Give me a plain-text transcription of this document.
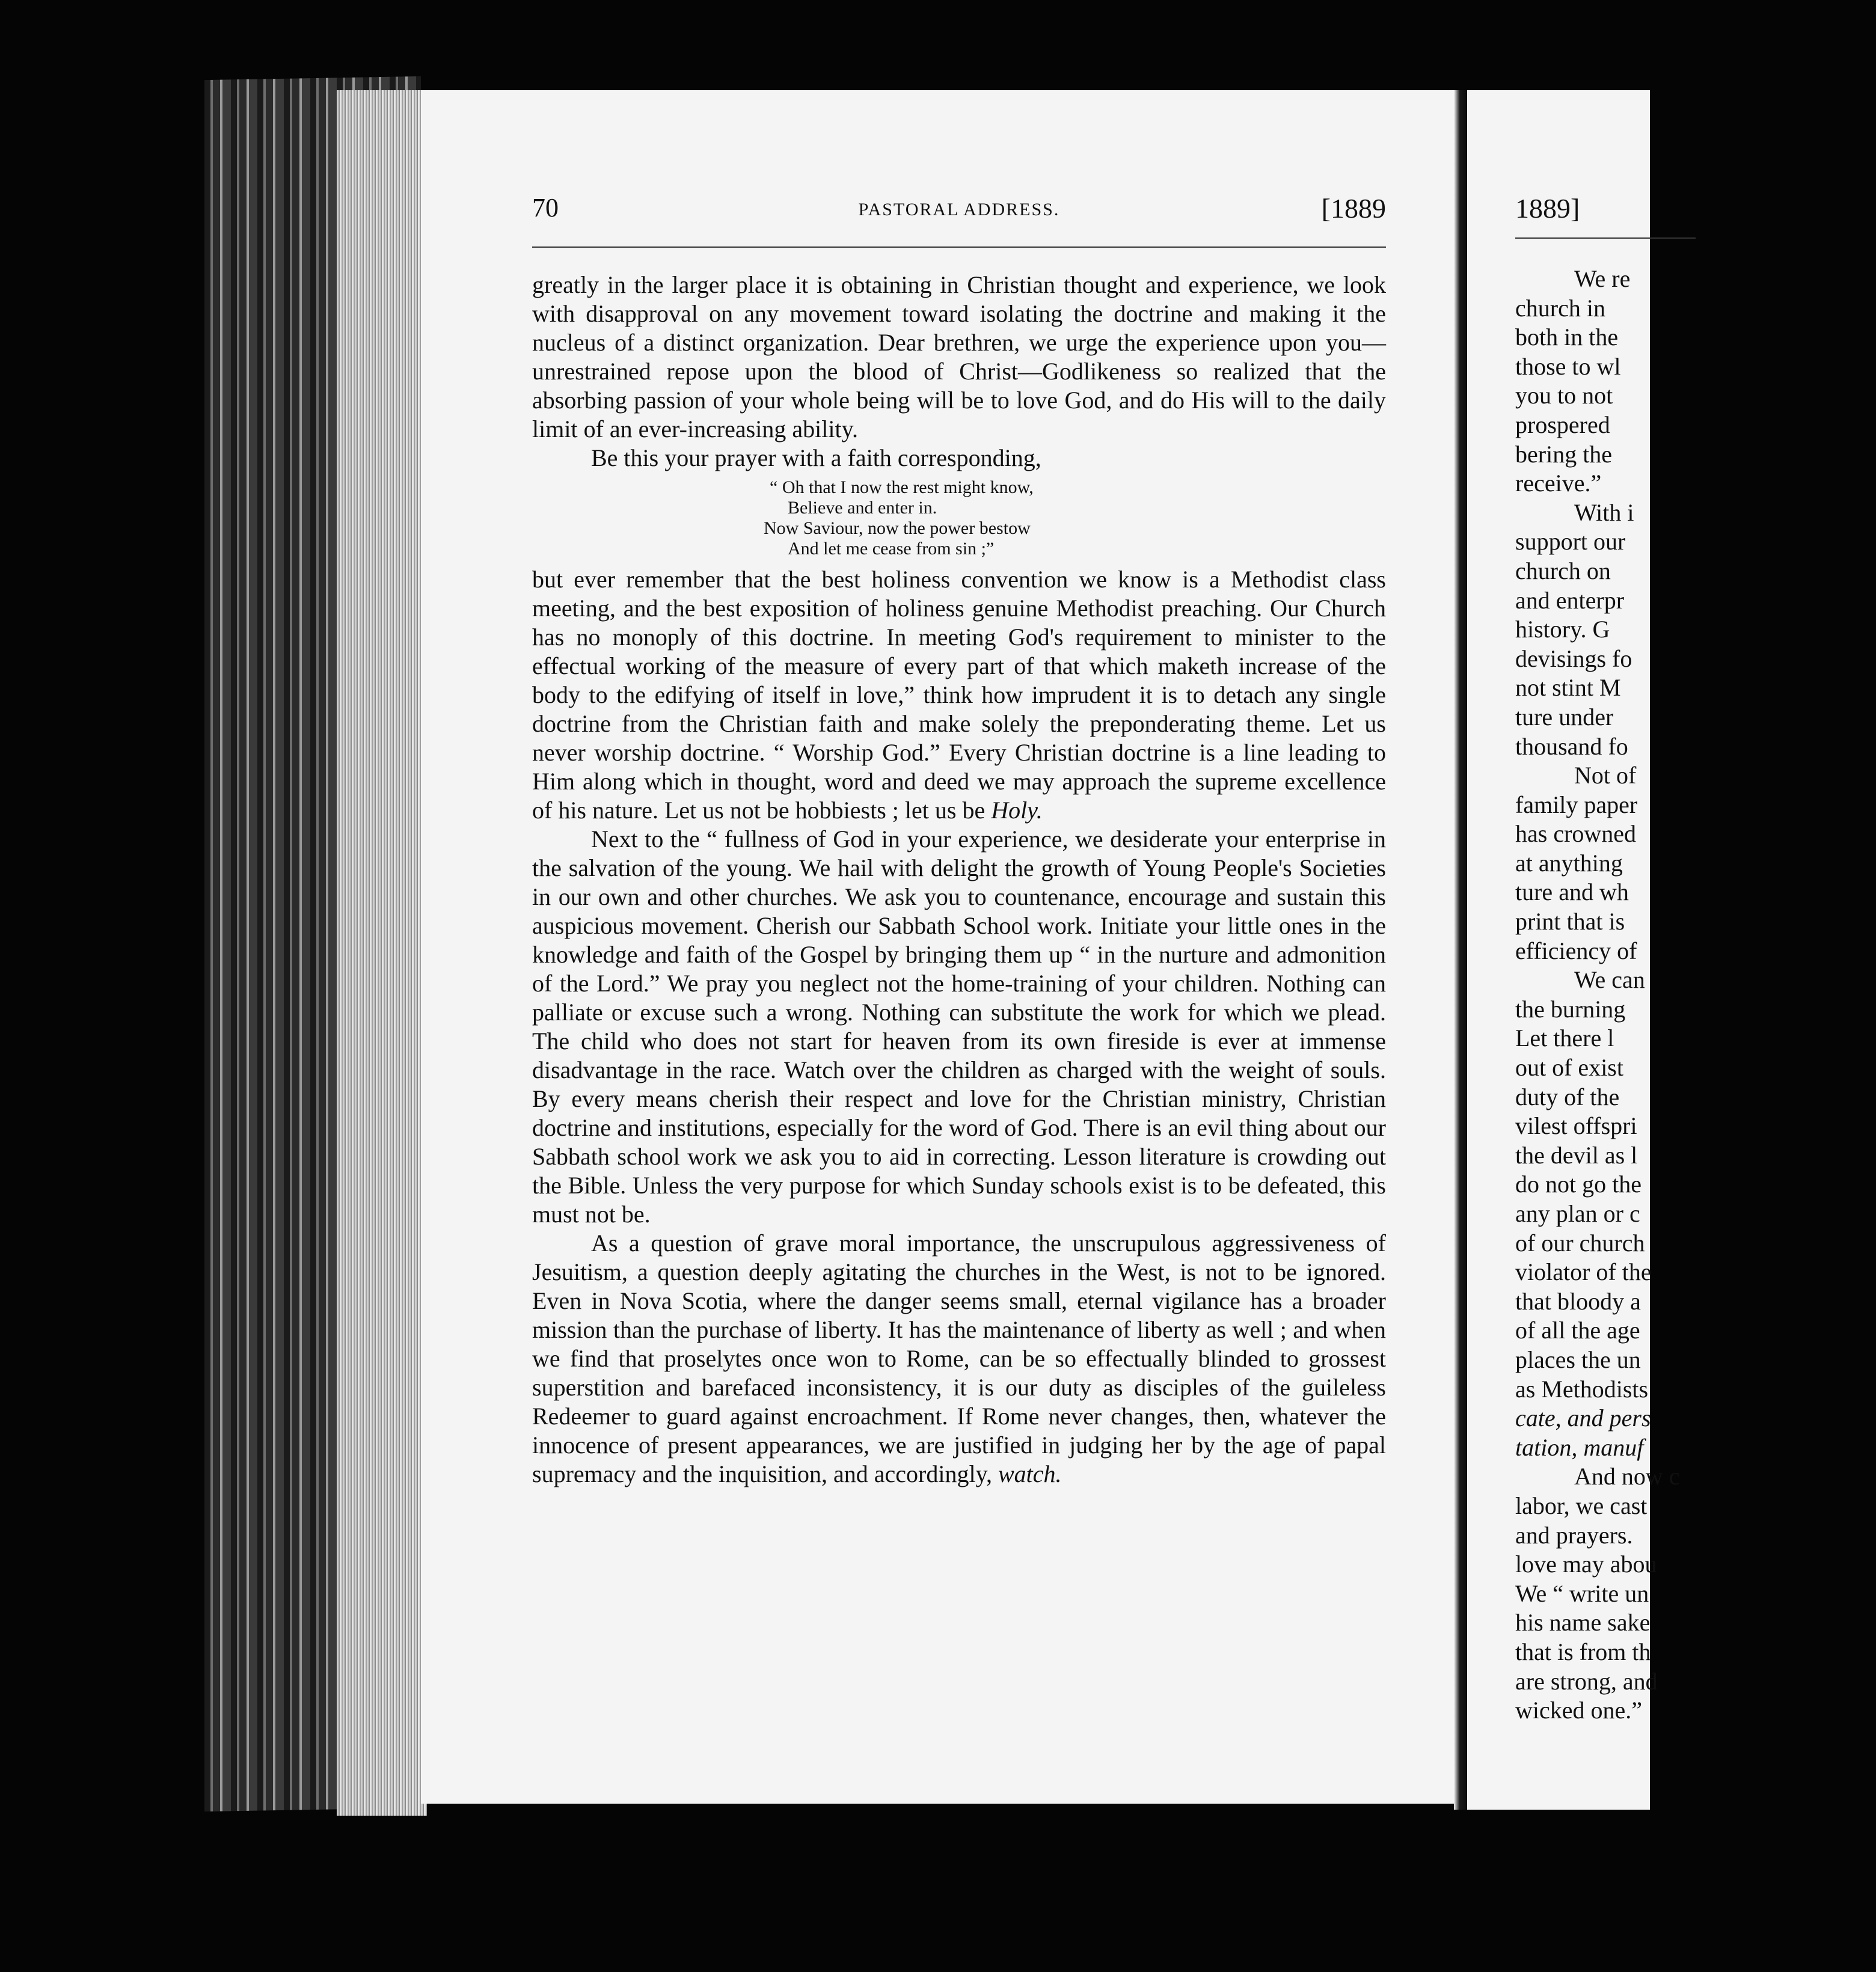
70	PASTORAL ADDRESS.	[1889

greatly in the larger place it is obtaining in Christian thought and experience, we look with disapproval on any movement toward isolating the doctrine and making it the nucleus of a distinct organization. Dear brethren, we urge the experience upon you—unrestrained repose upon the blood of Christ—Godlikeness so realized that the absorbing passion of your whole being will be to love God, and do His will to the daily limit of an ever-increasing ability.

Be this your prayer with a faith corresponding,

“ Oh that I now the rest might know,
Believe and enter in.
Now Saviour, now the power bestow
And let me cease from sin ;”

but ever remember that the best holiness convention we know is a Methodist class meeting, and the best exposition of holiness genuine Methodist preaching. Our Church has no monoply of this doctrine. In meeting God's requirement to minister to the effectual working of the measure of every part of that which maketh increase of the body to the edifying of itself in love,” think how imprudent it is to detach any single doctrine from the Christian faith and make solely the preponderating theme. Let us never worship doctrine. “ Worship God.” Every Christian doctrine is a line leading to Him along which in thought, word and deed we may approach the supreme excellence of his nature. Let us not be hobbiests ; let us be Holy.

Next to the “ fullness of God in your experience, we desiderate your enterprise in the salvation of the young. We hail with delight the growth of Young People's Societies in our own and other churches. We ask you to countenance, encourage and sustain this auspicious movement. Cherish our Sabbath School work. Initiate your little ones in the knowledge and faith of the Gospel by bringing them up “ in the nurture and admonition of the Lord.” We pray you neglect not the home-training of your children. Nothing can palliate or excuse such a wrong. Nothing can substitute the work for which we plead. The child who does not start for heaven from its own fireside is ever at immense disadvantage in the race. Watch over the children as charged with the weight of souls. By every means cherish their respect and love for the Christian ministry, Christian doctrine and institutions, especially for the word of God. There is an evil thing about our Sabbath school work we ask you to aid in correcting. Lesson literature is crowding out the Bible. Unless the very purpose for which Sunday schools exist is to be defeated, this must not be.

As a question of grave moral importance, the unscrupulous aggressiveness of Jesuitism, a question deeply agitating the churches in the West, is not to be ignored. Even in Nova Scotia, where the danger seems small, eternal vigilance has a broader mission than the purchase of liberty. It has the maintenance of liberty as well ; and when we find that proselytes once won to Rome, can be so effectually blinded to grossest superstition and barefaced inconsistency, it is our duty as disciples of the guileless Redeemer to guard against encroachment. If Rome never changes, then, whatever the innocence of present appearances, we are justified in judging her by the age of papal supremacy and the inquisition, and accordingly, watch.

1889]
We re
church in
both in the
those to wl
you to not
prospered
bering the
receive.”
With i
support our
church on
and enterpr
history. G
devisings fo
not stint M
ture under
thousand fo
Not of
family paper
has crowned
at anything
ture and wh
print that is
efficiency of
We can
the burning
Let there l
out of exist
duty of the
vilest offspri
the devil as l
do not go the
any plan or c
of our church
violator of the
that bloody a
of all the age
places the un
as Methodists
cate, and pers
tation, manuf
And now c
labor, we cast
and prayers.
love may abou
We “ write un
his name sake
that is from th
are strong, and
wicked one.”
